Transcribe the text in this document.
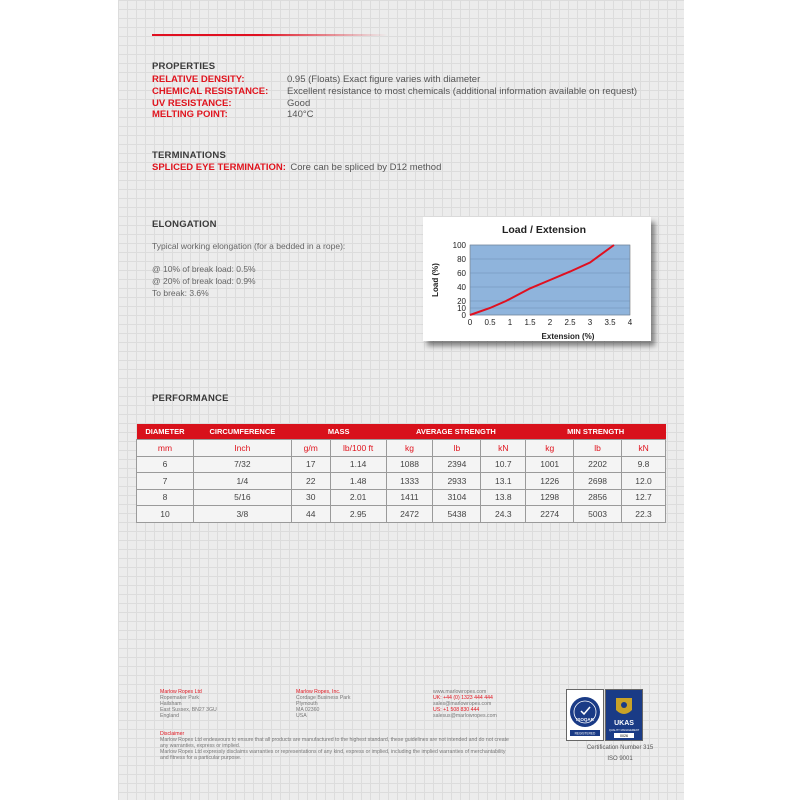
PROPERTIES
RELATIVE DENSITY:	0.95 (Floats) Exact figure varies with diameter
CHEMICAL RESISTANCE: Excellent resistance to most chemicals (additional information available on request)
UV RESISTANCE:	Good
MELTING POINT:	140°C
TERMINATIONS
SPLICED EYE TERMINATION: Core can be spliced by D12 method
ELONGATION
Typical working elongation (for a bedded in a rope):
@ 10% of break load: 0.5%
@ 20% of break load: 0.9%
To break: 3.6%
Load / Extension
0
10
20
40
60
80
100
0 0.5 1 1.5 2 2.5 3 3.5 4
Extension (%)
Load (%)
PERFORMANCE
DIAMETER	CIRCUMFERENCE	MASS		AVERAGE STRENGTH			MIN STRENGTH		
mm	Inch	g/m	lb/100 ft	kg	lb	kN	kg	lb	kN
6	7/32	17	1.14	1088	2394	10.7	1001	2202	9.8
7	1/4	22	1.48	1333	2933	13.1	1226	2698	12.0
8	5/16	30	2.01	1411	3104	13.8	1298	2856	12.7
10	3/8	44	2.95	2472	5438	24.3	2274	5003	22.3
Marlow Ropes Ltd
Ropemaker Park
Hailsham
East Sussex, BN27 3GU
England
Marlow Ropes, Inc.
Cordage Business Park
Plymouth
MA 02360
USA
www.marlowropes.com
UK: +44 (0) 1323 444 444
sales@marlowropes.com
US: +1 508 830 444
salesus@marlowropes.com
Disclaimer
Marlow Ropes Ltd endeavours to ensure that all products are manufactured to the highest standard, these guidelines are not intended and do not create
any warranties, express or implied.
Marlow Ropes Ltd expressly disclaims warranties or representations of any kind, express or implied, including the implied warranties of merchantability
and fitness for a particular purpose.
ISOQAR
REGISTERED
UKAS
QUALITY MANAGEMENT
0026
Certification Number 315
ISO 9001
